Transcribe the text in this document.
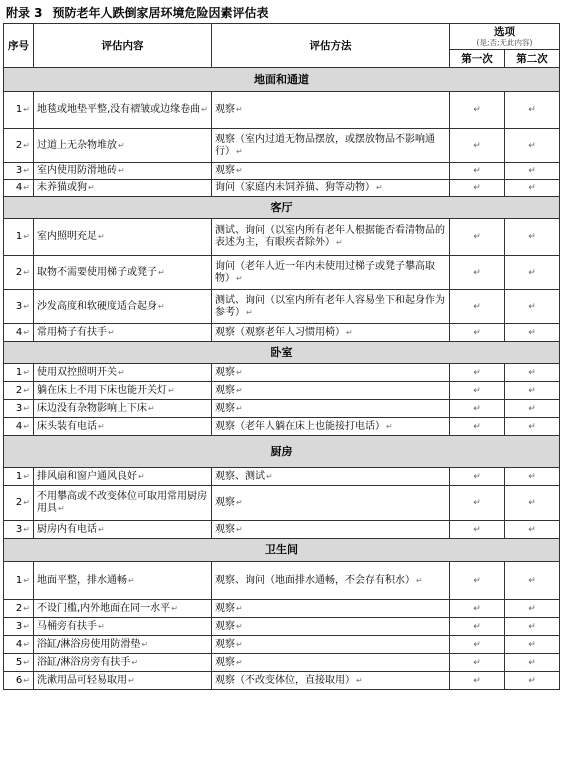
附录 3 预防老年人跌倒家居环境危险因素评估表
序号	评估内容	评估方法	选项
(是;否;无此内容)	

			第一次	第二次
地面和通道				
1↵	地毯或地垫平整,没有褶皱或边缘卷曲↵	观察↵	↵	↵
2↵	过道上无杂物堆放↵	观察（室内过道无物品摆放，或摆放物品不影响通行）↵	↵	↵
3↵	室内使用防滑地砖↵	观察↵	↵	↵
4↵	未养猫或狗↵	询问（家庭内未饲养猫、狗等动物）↵	↵	↵
客厅				
1↵	室内照明充足↵	测试、询问（以室内所有老年人根据能否看清物品的表述为主，有眼疾者除外）↵	↵	↵
2↵	取物不需要使用梯子或凳子↵	询问（老年人近一年内未使用过梯子或凳子攀高取物）↵	↵	↵
3↵	沙发高度和软硬度适合起身↵	测试、询问（以室内所有老年人容易坐下和起身作为参考）↵	↵	↵
4↵	常用椅子有扶手↵	观察（观察老年人习惯用椅）↵	↵	↵
卧室				
1↵	使用双控照明开关↵	观察↵	↵	↵
2↵	躺在床上不用下床也能开关灯↵	观察↵	↵	↵
3↵	床边没有杂物影响上下床↵	观察↵	↵	↵
4↵	床头装有电话↵	观察（老年人躺在床上也能接打电话）↵	↵	↵
厨房				
1↵	排风扇和窗户通风良好↵	观察、测试↵	↵	↵
2↵	不用攀高或不改变体位可取用常用厨房用具↵	观察↵	↵	↵
3↵	厨房内有电话↵	观察↵	↵	↵
卫生间				
1↵	地面平整，排水通畅↵	观察、询问（地面排水通畅，不会存有积水）↵	↵	↵
2↵	不设门槛,内外地面在同一水平↵	观察↵	↵	↵
3↵	马桶旁有扶手↵	观察↵	↵	↵
4↵	浴缸/淋浴房使用防滑垫↵	观察↵	↵	↵
5↵	浴缸/淋浴房旁有扶手↵	观察↵	↵	↵
6↵	洗漱用品可轻易取用↵	观察（不改变体位，直接取用）↵	↵	↵
